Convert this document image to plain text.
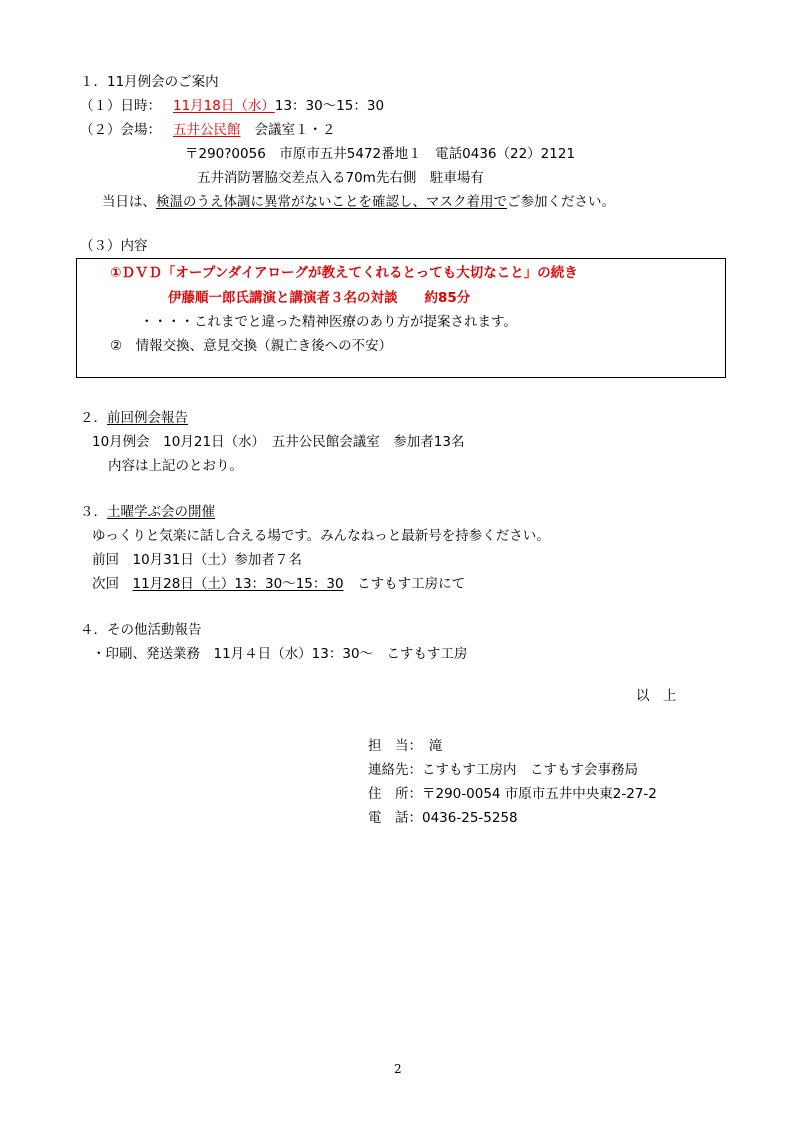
１．11月例会のご案内
（１）日時： 11月18日（水）13：30～15：30
（２）会場： 五井公民館 会議室１・２
〒290?0056　市原市五井5472番地１　電話0436（22）2121
五井消防署脇交差点入る70m先右側　駐車場有
当日は、検温のうえ体調に異常がないことを確認し、マスク着用でご参加ください。
（３）内容
①ＤＶＤ「オープンダイアローグが教えてくれるとっても大切なこと」の続き
伊藤順一郎氏講演と講演者３名の対談　　約85分
・・・・これまでと違った精神医療のあり方が提案されます。
②　情報交換、意見交換（親亡き後への不安）
２．前回例会報告
10月例会　10月21日（水）　五井公民館会議室　参加者13名
内容は上記のとおり。
３．土曜学ぶ会の開催
ゆっくりと気楽に話し合える場です。みんなねっと最新号を持参ください。
前回　10月31日（土）参加者７名
次回　11月28日（土）13：30～15：30　こすもす工房にて
４．その他活動報告
・印刷、発送業務　11月４日（水）13：30～　こすもす工房
以　上
担　当：　滝
連絡先：こすもす工房内　こすもす会事務局
住　所：〒290-0054 市原市五井中央東2-27-2
電　話：0436-25-5258
2
